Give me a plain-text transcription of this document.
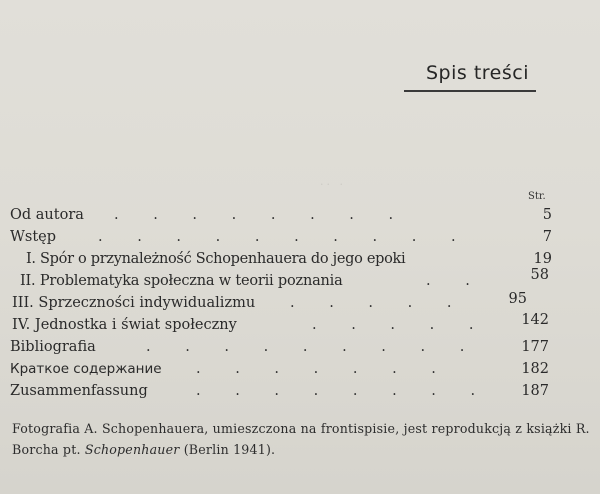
·· ·
Spis treści
Str.
Od autora . . . . . . . .	5
Wstęp	. . . . . . . . . .	7
I. Spór o przynależność Schopenhauera do jego epoki	19
II. Problematyka społeczna w teorii poznania	. .	58
III. Sprzeczności indywidualizmu . . . . .	95
IV. Jednostka i świat społeczny	. . . . .	142
Bibliografia	. . . . . . . . .	177
Краткое содержание . . . . . . .	182
Zusammenfassung	. . . . . . . .	187
Fotografia A. Schopenhauera, umieszczona na frontispisie, jest reprodukcją z książki R. Borcha pt. Schopenhauer (Berlin 1941).
